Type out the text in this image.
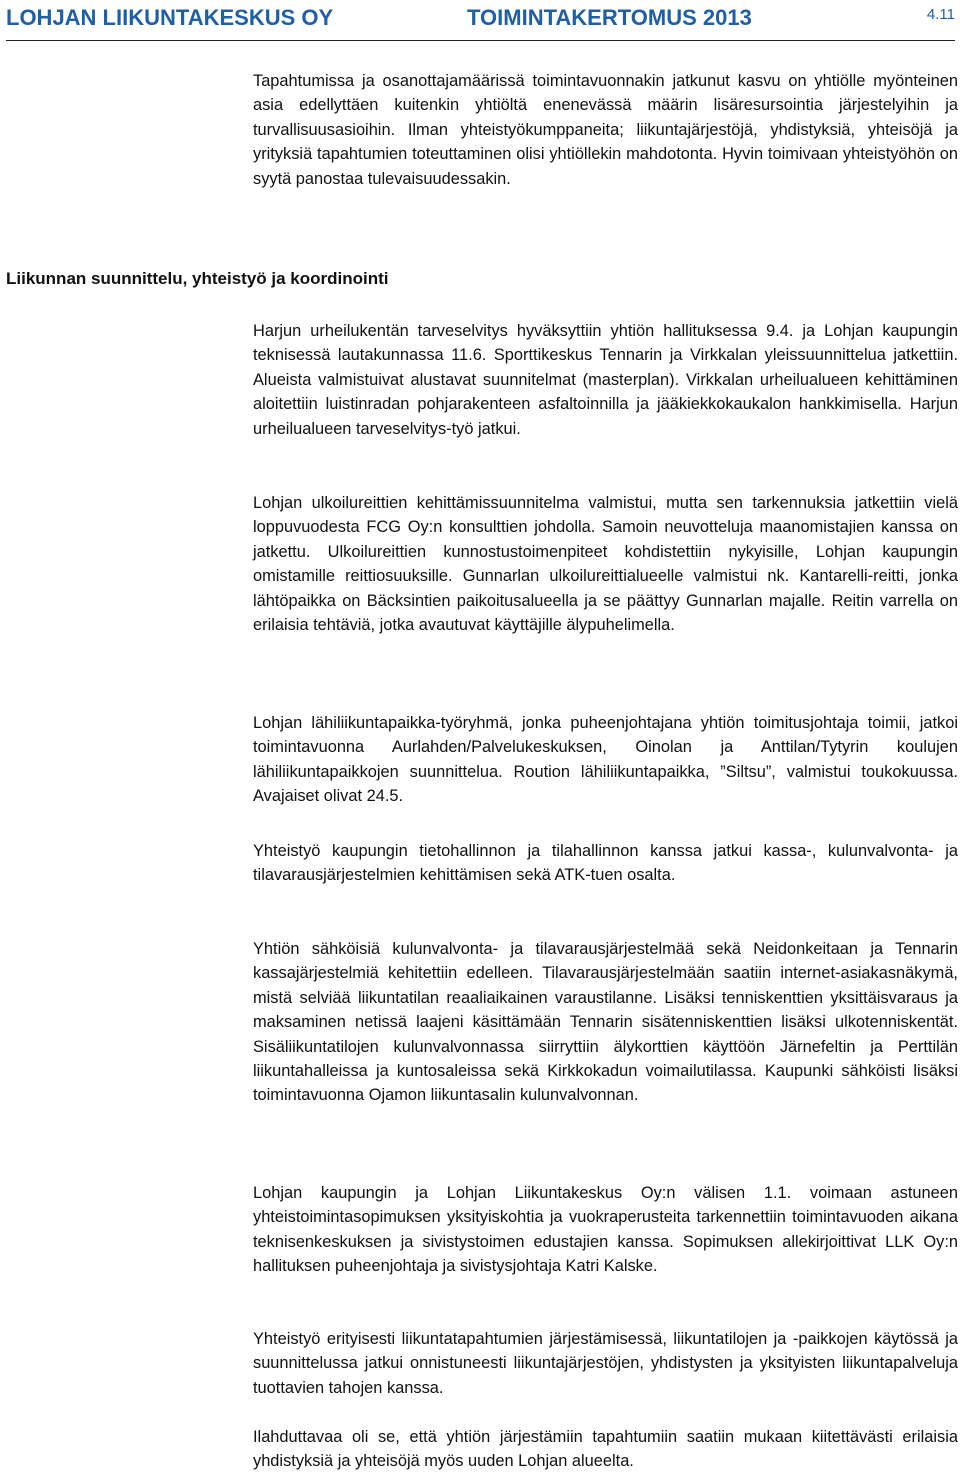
LOHJAN LIIKUNTAKESKUS OY	TOIMINTAKERTOMUS 2013	4.11

Tapahtumissa ja osanottajamäärissä toimintavuonnakin jatkunut kasvu on yhtiölle myönteinen asia edellyttäen kuitenkin yhtiöltä enenevässä määrin lisäresursointia järjestelyihin ja turvallisuusasioihin. Ilman yhteistyökumppaneita; liikuntajärjestöjä, yhdistyksiä, yhteisöjä ja yrityksiä tapahtumien toteuttaminen olisi yhtiöllekin mahdotonta. Hyvin toimivaan yhteistyöhön on syytä panostaa tulevaisuudessakin.

Liikunnan suunnittelu, yhteistyö ja koordinointi

Harjun urheilukentän tarveselvitys hyväksyttiin yhtiön hallituksessa 9.4. ja Lohjan kaupungin teknisessä lautakunnassa 11.6. Sporttikeskus Tennarin ja Virkkalan yleissuunnittelua jatkettiin. Alueista valmistuivat alustavat suunnitelmat (masterplan). Virkkalan urheilualueen kehittäminen aloitettiin luistinradan pohjarakenteen asfaltoinnilla ja jääkiekkokaukalon hankkimisella. Harjun urheilualueen tarveselvitys-työ jatkui.

Lohjan ulkoilureittien kehittämissuunnitelma valmistui, mutta sen tarkennuksia jatkettiin vielä loppuvuodesta FCG Oy:n konsulttien johdolla. Samoin neuvotteluja maanomistajien kanssa on jatkettu. Ulkoilureittien kunnostustoimenpiteet kohdistettiin nykyisille, Lohjan kaupungin omistamille reittiosuuksille. Gunnarlan ulkoilureittialueelle valmistui nk. Kantarelli-reitti, jonka lähtöpaikka on Bäcksintien paikoitusalueella ja se päättyy Gunnarlan majalle. Reitin varrella on erilaisia tehtäviä, jotka avautuvat käyttäjille älypuhelimella.

Lohjan lähiliikuntapaikka-työryhmä, jonka puheenjohtajana yhtiön toimitusjohtaja toimii, jatkoi toimintavuonna Aurlahden/Palvelukeskuksen, Oinolan ja Anttilan/Tytyrin koulujen lähiliikuntapaikkojen suunnittelua. Roution lähiliikuntapaikka, ”Siltsu”, valmistui toukokuussa. Avajaiset olivat 24.5.

Yhteistyö kaupungin tietohallinnon ja tilahallinnon kanssa jatkui kassa-, kulunvalvonta- ja tilavarausjärjestelmien kehittämisen sekä ATK-tuen osalta.

Yhtiön sähköisiä kulunvalvonta- ja tilavarausjärjestelmää sekä Neidonkeitaan ja Tennarin kassajärjestelmiä kehitettiin edelleen. Tilavarausjärjestelmään saatiin internet-asiakasnäkymä, mistä selviää liikuntatilan reaaliaikainen varaustilanne. Lisäksi tenniskenttien yksittäisvaraus ja maksaminen netissä laajeni käsittämään Tennarin sisätenniskenttien lisäksi ulkotenniskentät. Sisäliikuntatilojen kulunvalvonnassa siirryttiin älykorttien käyttöön Järnefeltin ja Perttilän liikuntahalleissa ja kuntosaleissa sekä Kirkkokadun voimailutilassa. Kaupunki sähköisti lisäksi toimintavuonna Ojamon liikuntasalin kulunvalvonnan.

Lohjan kaupungin ja Lohjan Liikuntakeskus Oy:n välisen 1.1. voimaan astuneen yhteistoimintasopimuksen yksityiskohtia ja vuokraperusteita tarkennettiin toimintavuoden aikana teknisenkeskuksen ja sivistystoimen edustajien kanssa. Sopimuksen allekirjoittivat LLK Oy:n hallituksen puheenjohtaja ja sivistysjohtaja Katri Kalske.

Yhteistyö erityisesti liikuntatapahtumien järjestämisessä, liikuntatilojen ja -paikkojen käytössä ja suunnittelussa jatkui onnistuneesti liikuntajärjestöjen, yhdistysten ja yksityisten liikuntapalveluja tuottavien tahojen kanssa.

Ilahduttavaa oli se, että yhtiön järjestämiin tapahtumiin saatiin mukaan kiitettävästi erilaisia yhdistyksiä ja yhteisöjä myös uuden Lohjan alueelta.
